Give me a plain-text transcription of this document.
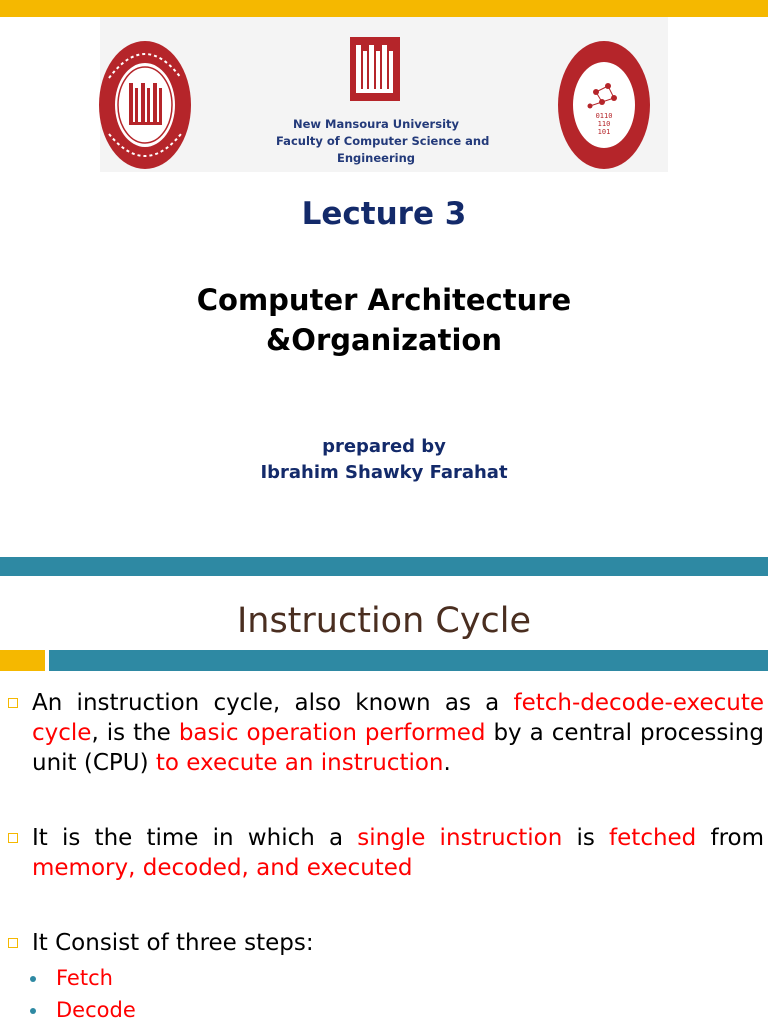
New Mansoura University
Faculty of Computer Science and
Engineering
0110
110
101
Lecture 3
Computer Architecture
&Organization
prepared by
Ibrahim Shawky Farahat
Instruction Cycle
An instruction cycle, also known as a fetch-decode-execute cycle, is the basic operation performed by a central processing unit (CPU) to execute an instruction.
It is the time in which a single instruction is fetched from memory, decoded, and executed
It Consist of three steps:
Fetch
Decode
